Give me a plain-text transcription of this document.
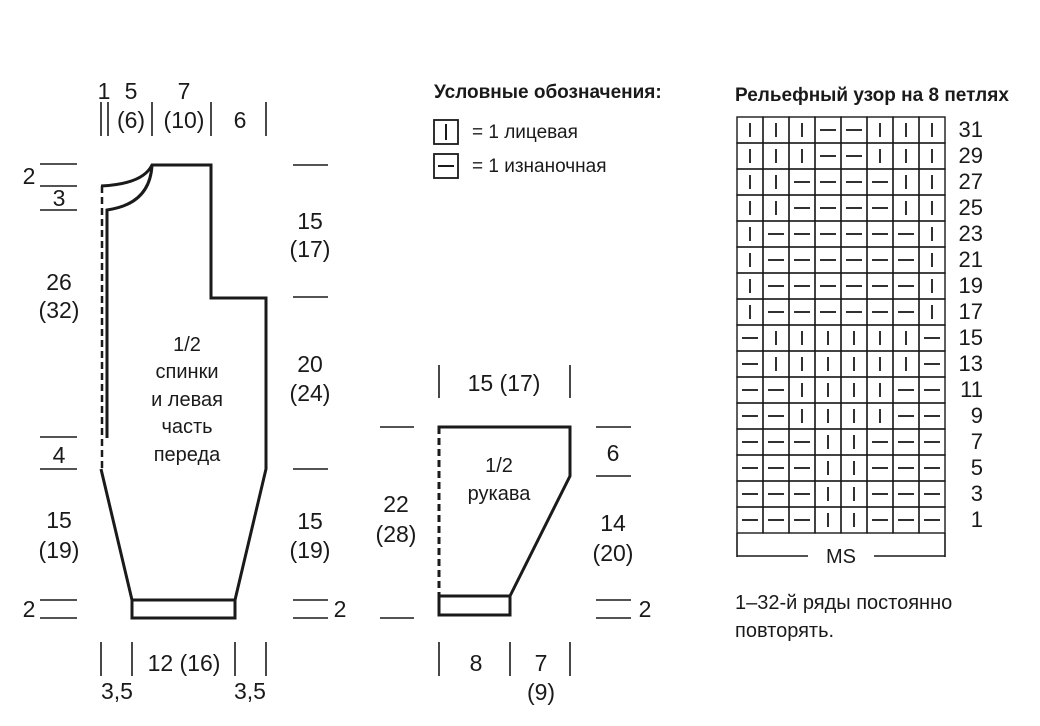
1 5
(6)
7
(10) 6
2
3
26
(32)
4
15
(19)
2
15
(17)
20
(24)
15
(19)
2
3,5
12 (16)
3,5
1/2
спинки
и левая
часть
переда
15 (17)
22
(28)
6
14
(20)
2
8 7
(9)
1/2
рукава
Условные обозначения:
= 1 лицевая
= 1 изнаночная
Рельефный узор на 8 петлях
31
29
27
25
23
21
19
17
15
13
11
9
7
5
3
1
MS
1–32-й ряды постоянно
повторять.
